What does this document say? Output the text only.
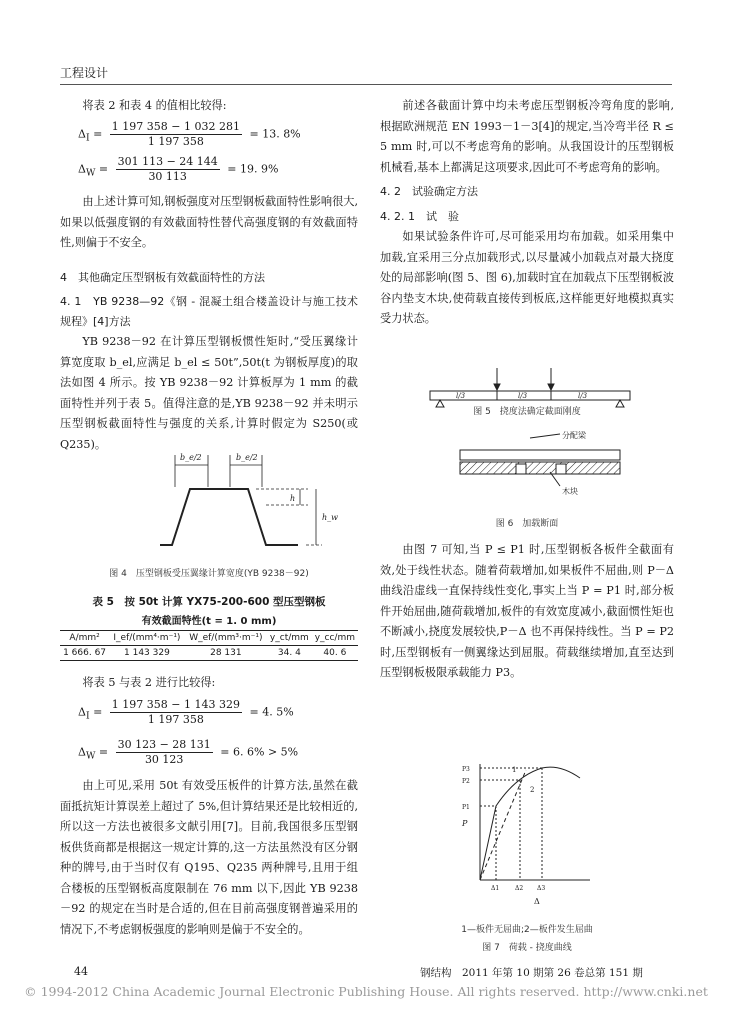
工程设计

将表 2 和表 4 的值相比较得:

$\Delta_I = \frac{1 197 358 - 1 032 281}{1 197 358} = 13$. 8%
$\Delta_W = \frac{301 113 - 24 144}{30 113} = 19$. 9%

由上述计算可知,钢板强度对压型钢板截面特性影响很大,如果以低强度钢的有效截面特性替代高强度钢的有效截面特性,则偏于不安全。

4　其他确定压型钢板有效截面特性的方法

4. 1　YB 9238—92《钢 - 混凝土组合楼盖设计与施工技术规程》[4]方法

YB 9238－92 在计算压型钢板惯性矩时,“受压翼缘计算宽度取 b_el,应满足 b_el ≤ 50t”,50t(t 为钢板厚度)的取法如图 4 所示。按 YB 9238－92 计算板厚为 1 mm 的截面特性并列于表 5。值得注意的是,YB 9238－92 并未明示压型钢板截面特性与强度的关系,计算时假定为 S250(或 Q235)。

b_e/2	b_e/2
h
h_w
图 4　压型钢板受压翼缘计算宽度(YB 9238－92)
表 5　按 50t 计算 YX75-200-600 型压型钢板
有效截面特性(t = 1. 0 mm)
A/mm²	I_ef/(mm⁴·m⁻¹)	W_ef/(mm³·m⁻¹)	y_ct/mm	y_cc/mm
1 666. 67	1 143 329	28 131	34. 4	40. 6

将表 5 与表 2 进行比较得:

$\Delta_I = \frac{1 197 358 - 1 143 329}{1 197 358} = 4$. 5%
$\Delta_W = \frac{30 123 - 28 131}{30 123} = 6$. 6% > 5%

由上可见,采用 50t 有效受压板件的计算方法,虽然在截面抵抗矩计算误差上超过了 5%,但计算结果还是比较相近的,所以这一方法也被很多文献引用[7]。目前,我国很多压型钢板供货商都是根据这一规定计算的,这一方法虽然没有区分钢种的牌号,由于当时仅有 Q195、Q235 两种牌号,且用于组合楼板的压型钢板高度限制在 76 mm 以下,因此 YB 9238－92 的规定在当时是合适的,但在目前高强度钢普遍采用的情况下,不考虑钢板强度的影响则是偏于不安全的。

前述各截面计算中均未考虑压型钢板冷弯角度的影响,根据欧洲规范 EN 1993－1－3[4]的规定,当冷弯半径 R ≤ 5 mm 时,可以不考虑弯角的影响。从我国设计的压型钢板机械看,基本上都满足这项要求,因此可不考虑弯角的影响。

4. 2　试验确定方法

4. 2. 1　试　验

如果试验条件许可,尽可能采用均布加载。如采用集中加载,宜采用三分点加载形式,以尽量减小加载点对最大挠度处的局部影响(图 5、图 6),加载时宜在加载点下压型钢板波谷内垫支木块,使荷载直接传到板底,这样能更好地模拟真实受力状态。

l/3	l/3	l/3
图 5　挠度法确定截面刚度
分配梁
木块
图 6　加载断面

由图 7 可知,当 P ≤ P1 时,压型钢板各板件全截面有效,处于线性状态。随着荷载增加,如果板件不屈曲,则 P－Δ 曲线沿虚线一直保持线性变化,事实上当 P = P1 时,部分板件开始屈曲,随荷载增加,板件的有效宽度减小,截面惯性矩也不断减小,挠度发展较快,P－Δ 也不再保持线性。当 P = P2 时,压型钢板有一侧翼缘达到屈服。荷载继续增加,直至达到压型钢板极限承载能力 P3。

P
P3
P2
P1
Δ1	Δ2 Δ3
Δ
1
2
1—板件无屈曲;2—板件发生屈曲
图 7　荷载 - 挠度曲线
44	钢结构　2011 年第 10 期第 26 卷总第 151 期
© 1994-2012 China Academic Journal Electronic Publishing House. All rights reserved. http://www.cnki.net
